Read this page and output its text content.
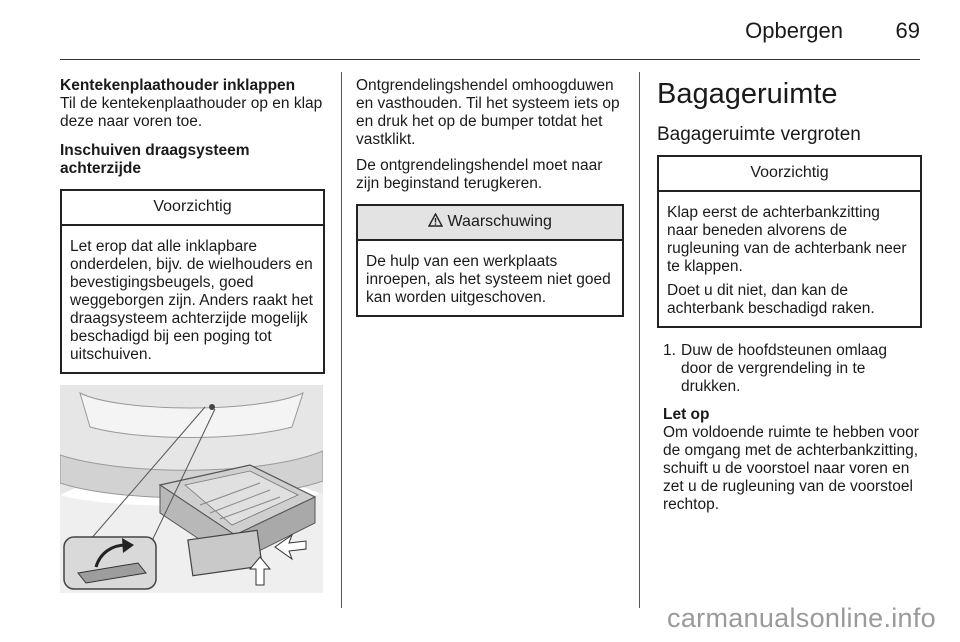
Opbergen 69

Kentekenplaathouder inklappen

Til de kentekenplaathouder op en klap deze naar voren toe.

Inschuiven draagsysteem achterzijde

Voorzichtig

Let erop dat alle inklapbare onderdelen, bijv. de wielhouders en bevestigingsbeugels, goed weggeborgen zijn. Anders raakt het draagsysteem achterzijde mogelijk beschadigd bij een poging tot uitschuiven.

Ontgrendelingshendel omhoogduwen en vasthouden. Til het systeem iets op en druk het op de bumper totdat het vastklikt.

De ontgrendelingshendel moet naar zijn beginstand terugkeren.

Waarschuwing

De hulp van een werkplaats inroepen, als het systeem niet goed kan worden uitgeschoven.

Bagageruimte
Bagageruimte vergroten
Voorzichtig

Klap eerst de achterbankzitting naar beneden alvorens de rugleuning van de achterbank neer te klappen.

Doet u dit niet, dan kan de achterbank beschadigd raken.

1. Duw de hoofdsteunen omlaag door de vergrendeling in te drukken.

Let op

Om voldoende ruimte te hebben voor de omgang met de achterbankzitting, schuift u de voorstoel naar voren en zet u de rugleuning van de voorstoel rechtop.

carmanualsonline.info
